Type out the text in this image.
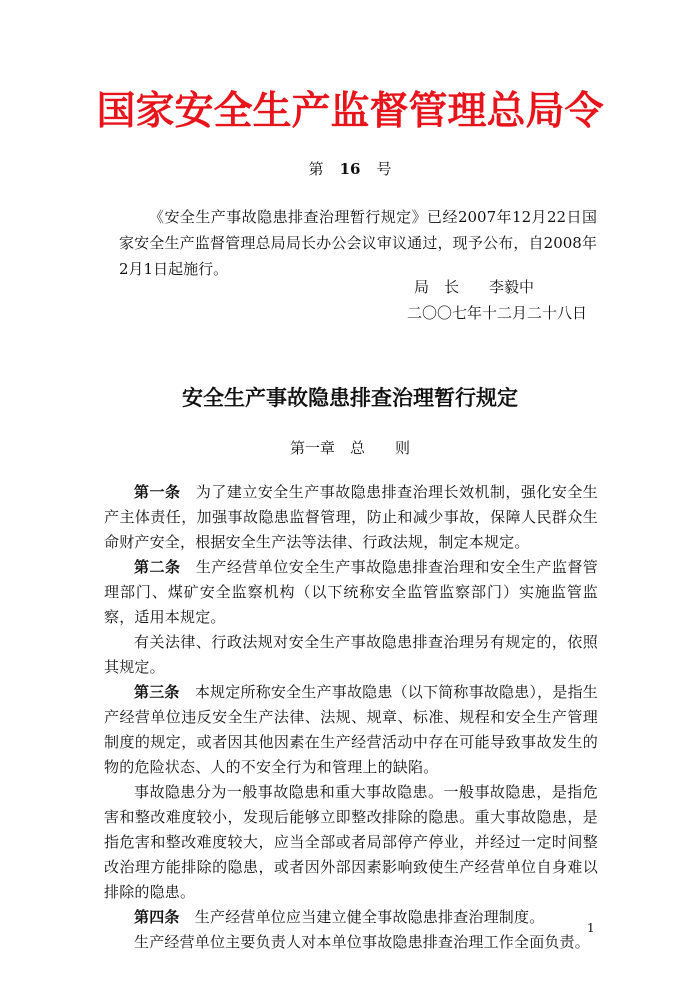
国家安全生产监督管理总局令
第 16 号
《安全生产事故隐患排查治理暂行规定》已经2007年12月22日国家安全生产监督管理总局局长办公会议审议通过，现予公布，自2008年2月1日起施行。
局　长　　李毅中
二〇〇七年十二月二十八日
安全生产事故隐患排查治理暂行规定
第一章　总　　则

第一条　为了建立安全生产事故隐患排查治理长效机制，强化安全生产主体责任，加强事故隐患监督管理，防止和减少事故，保障人民群众生命财产安全，根据安全生产法等法律、行政法规，制定本规定。

第二条　生产经营单位安全生产事故隐患排查治理和安全生产监督管理部门、煤矿安全监察机构（以下统称安全监管监察部门）实施监管监察，适用本规定。

有关法律、行政法规对安全生产事故隐患排查治理另有规定的，依照其规定。

第三条　本规定所称安全生产事故隐患（以下简称事故隐患），是指生产经营单位违反安全生产法律、法规、规章、标准、规程和安全生产管理制度的规定，或者因其他因素在生产经营活动中存在可能导致事故发生的物的危险状态、人的不安全行为和管理上的缺陷。

事故隐患分为一般事故隐患和重大事故隐患。一般事故隐患，是指危害和整改难度较小，发现后能够立即整改排除的隐患。重大事故隐患，是指危害和整改难度较大，应当全部或者局部停产停业，并经过一定时间整改治理方能排除的隐患，或者因外部因素影响致使生产经营单位自身难以排除的隐患。

第四条　生产经营单位应当建立健全事故隐患排查治理制度。

生产经营单位主要负责人对本单位事故隐患排查治理工作全面负责。

1
